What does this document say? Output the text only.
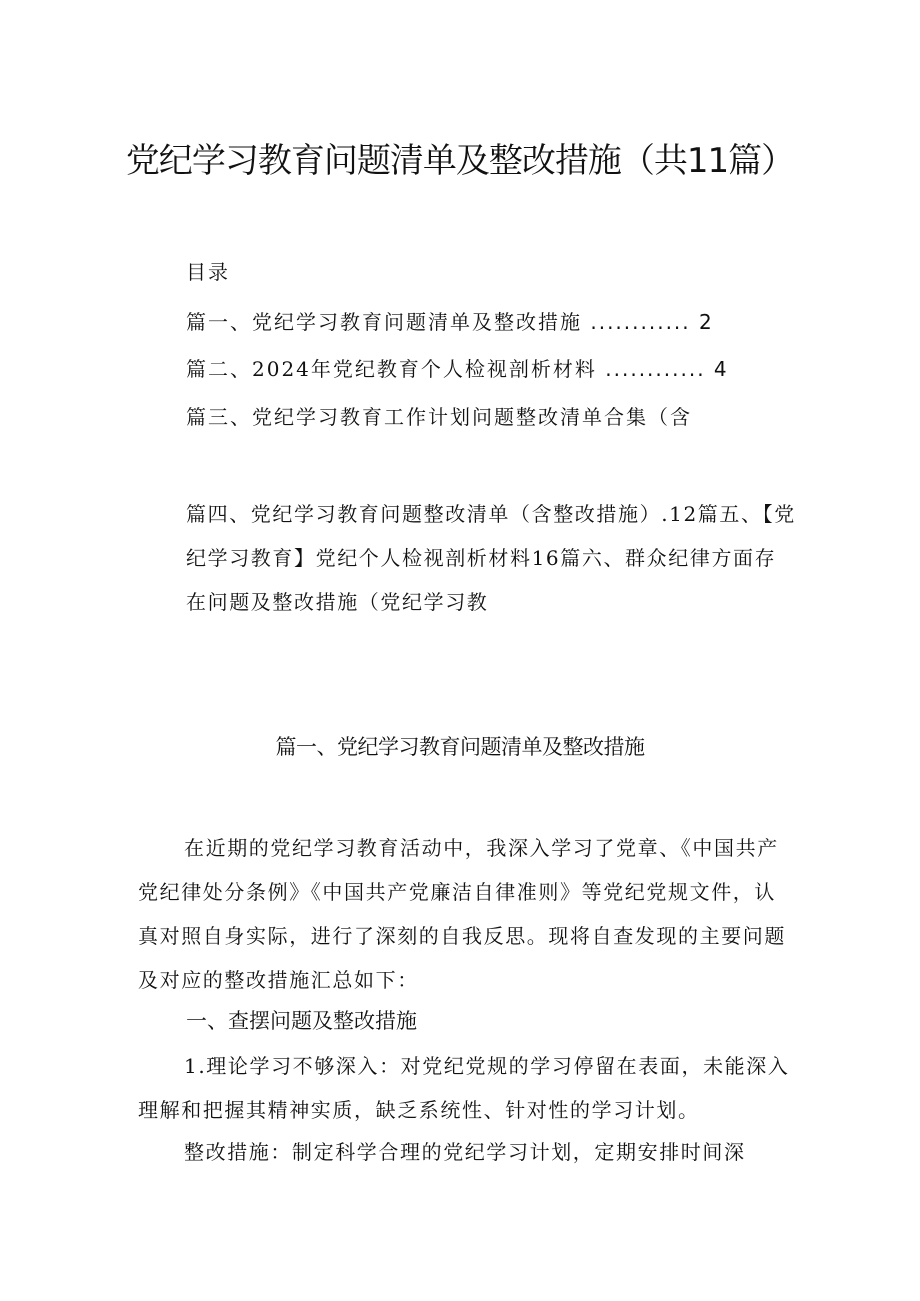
党纪学习教育问题清单及整改措施（共11篇）
目录
篇一、党纪学习教育问题清单及整改措施 ............ 2
篇二、2024年党纪教育个人检视剖析材料 ............ 4
篇三、党纪学习教育工作计划问题整改清单合集（含

篇四、党纪学习教育问题整改清单（含整改措施）.12篇五、【党纪学习教育】党纪个人检视剖析材料16篇六、群众纪律方面存在问题及整改措施（党纪学习教

篇一、党纪学习教育问题清单及整改措施

在近期的党纪学习教育活动中，我深入学习了党章、《中国共产党纪律处分条例》《中国共产党廉洁自律准则》等党纪党规文件，认真对照自身实际，进行了深刻的自我反思。现将自查发现的主要问题及对应的整改措施汇总如下：

一、查摆问题及整改措施

1.理论学习不够深入：对党纪党规的学习停留在表面，未能深入理解和把握其精神实质，缺乏系统性、针对性的学习计划。

整改措施：制定科学合理的党纪学习计划，定期安排时间深
